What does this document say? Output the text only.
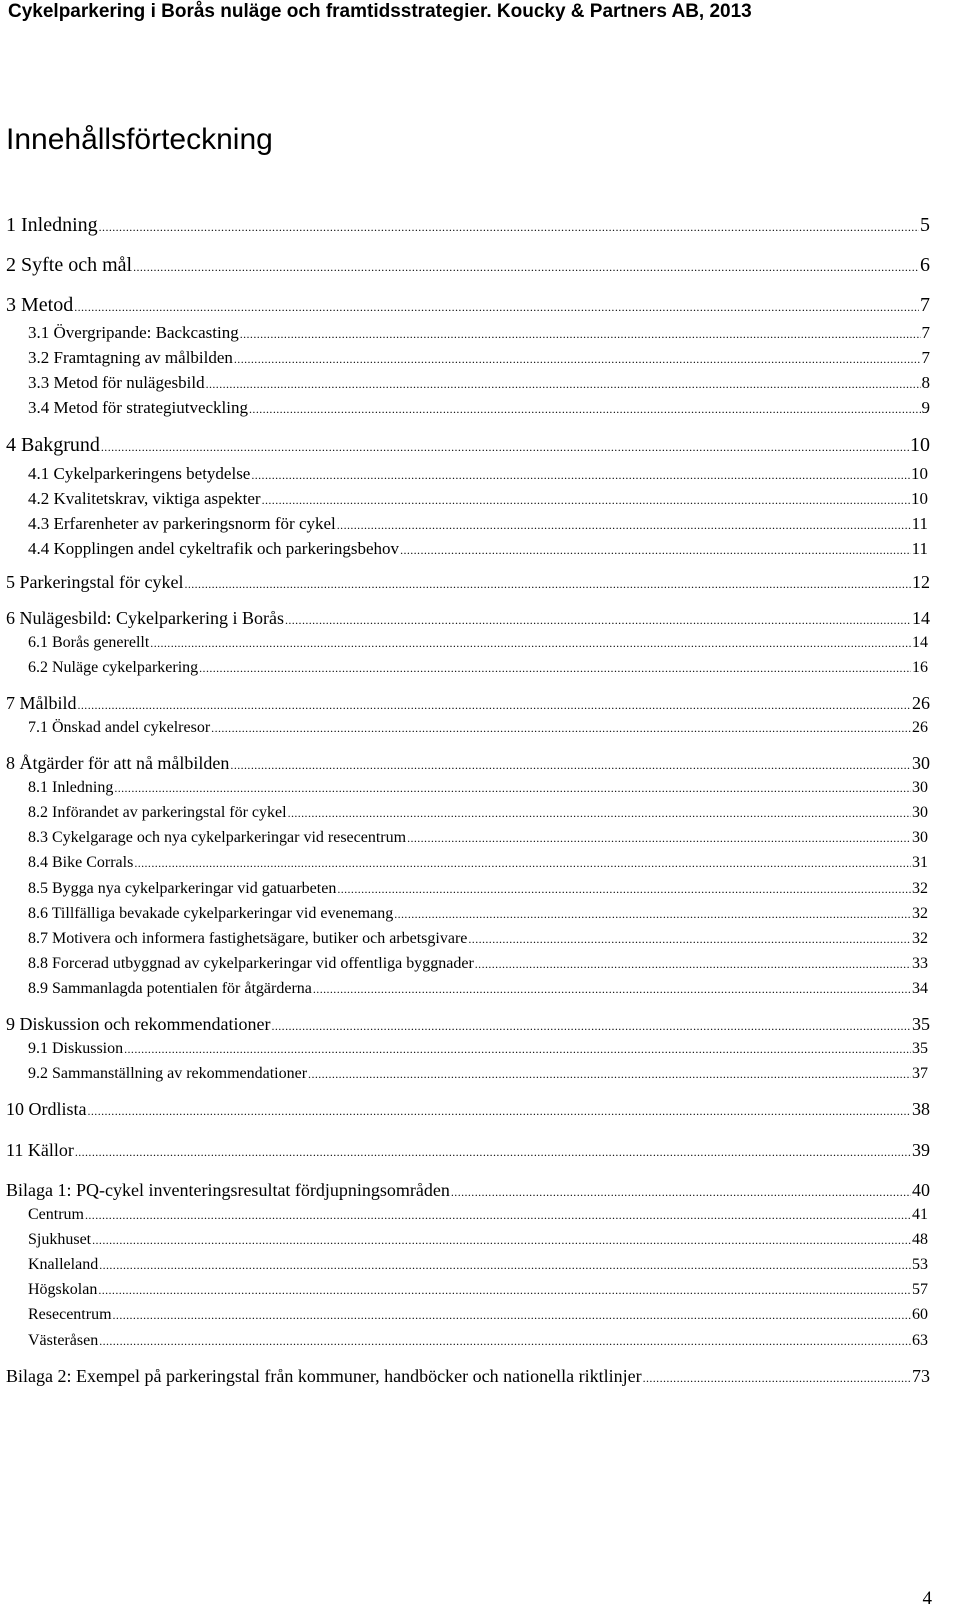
Cykelparkering i Borås nuläge och framtidsstrategier. Koucky & Partners AB, 2013
Innehållsförteckning
1 Inledning .....	5
2 Syfte och mål .....	6
3 Metod .....	7
3.1 Övergripande: Backcasting .....	7
3.2 Framtagning av målbilden .....	7
3.3 Metod för nulägesbild .....	8
3.4 Metod för strategiutveckling .....	9
4 Bakgrund .....	10
4.1 Cykelparkeringens betydelse .....	10
4.2 Kvalitetskrav, viktiga aspekter .....	10
4.3 Erfarenheter av parkeringsnorm för cykel .....	11
4.4 Kopplingen andel cykeltrafik och parkeringsbehov .....	11
5 Parkeringstal för cykel .....	12
6 Nulägesbild: Cykelparkering i Borås .....	14
6.1 Borås generellt .....	14
6.2 Nuläge cykelparkering .....	16
7 Målbild .....	26
7.1 Önskad andel cykelresor .....	26
8 Åtgärder för att nå målbilden .....	30
8.1 Inledning .....	30
8.2 Införandet av parkeringstal för cykel .....	30
8.3 Cykelgarage och nya cykelparkeringar vid resecentrum .....	30
8.4 Bike Corrals .....	31
8.5 Bygga nya cykelparkeringar vid gatuarbeten .....	32
8.6 Tillfälliga bevakade cykelparkeringar vid evenemang .....	32
8.7 Motivera och informera fastighetsägare, butiker och arbetsgivare .....	32
8.8 Forcerad utbyggnad av cykelparkeringar vid offentliga byggnader .....	33
8.9 Sammanlagda potentialen för åtgärderna .....	34
9 Diskussion och rekommendationer .....	35
9.1 Diskussion .....	35
9.2 Sammanställning av rekommendationer .....	37
10 Ordlista .....	38
11 Källor .....	39
Bilaga 1: PQ-cykel inventeringsresultat fördjupningsområden .....	40
Centrum .....	41
Sjukhuset .....	48
Knalleland .....	53
Högskolan .....	57
Resecentrum .....	60
Västeråsen .....	63
Bilaga 2: Exempel på parkeringstal från kommuner, handböcker och nationella riktlinjer .....	73
4
